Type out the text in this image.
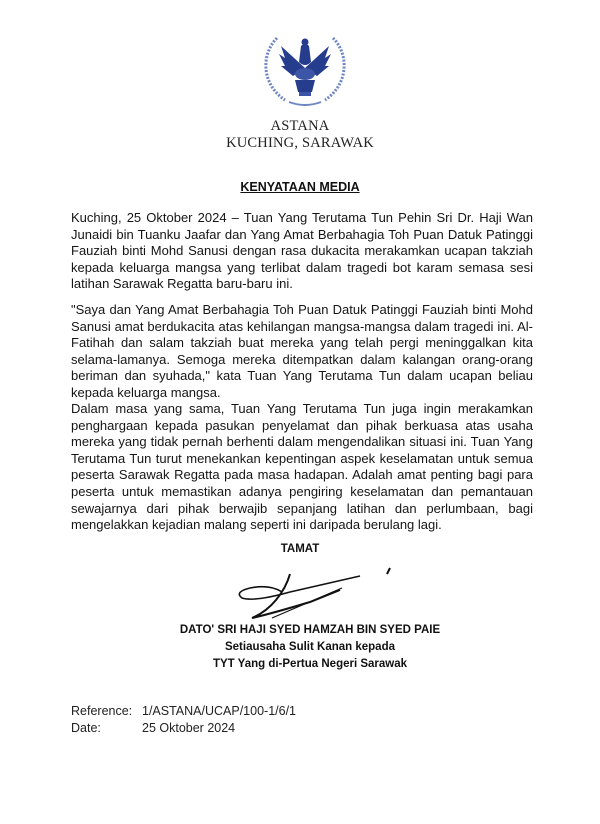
ASTANA
KUCHING, SARAWAK
KENYATAAN MEDIA
Kuching, 25 Oktober 2024 – Tuan Yang Terutama Tun Pehin Sri Dr. Haji Wan Junaidi bin Tuanku Jaafar dan Yang Amat Berbahagia Toh Puan Datuk Patinggi Fauziah binti Mohd Sanusi dengan rasa dukacita merakamkan ucapan takziah kepada keluarga mangsa yang terlibat dalam tragedi bot karam semasa sesi latihan Sarawak Regatta baru-baru ini.
"Saya dan Yang Amat Berbahagia Toh Puan Datuk Patinggi Fauziah binti Mohd Sanusi amat berdukacita atas kehilangan mangsa-mangsa dalam tragedi ini. Al-Fatihah dan salam takziah buat mereka yang telah pergi meninggalkan kita selama-lamanya. Semoga mereka ditempatkan dalam kalangan orang-orang beriman dan syuhada," kata Tuan Yang Terutama Tun dalam ucapan beliau kepada keluarga mangsa.
Dalam masa yang sama, Tuan Yang Terutama Tun juga ingin merakamkan penghargaan kepada pasukan penyelamat dan pihak berkuasa atas usaha mereka yang tidak pernah berhenti dalam mengendalikan situasi ini. Tuan Yang Terutama Tun turut menekankan kepentingan aspek keselamatan untuk semua peserta Sarawak Regatta pada masa hadapan. Adalah amat penting bagi para peserta untuk memastikan adanya pengiring keselamatan dan pemantauan sewajarnya dari pihak berwajib sepanjang latihan dan perlumbaan, bagi mengelakkan kejadian malang seperti ini daripada berulang lagi.
TAMAT
DATO' SRI HAJI SYED HAMZAH BIN SYED PAIE
Setiausaha Sulit Kanan kepada
TYT Yang di-Pertua Negeri Sarawak
Reference: 1/ASTANA/UCAP/100-1/6/1
Date:	25 Oktober 2024
